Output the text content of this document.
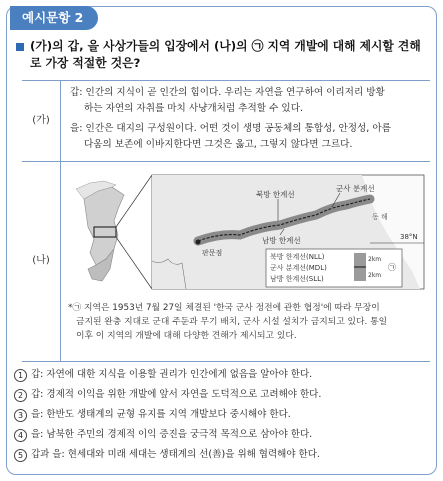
예시문항 2
(가)의 갑, 을 사상가들의 입장에서 (나)의 ㉠ 지역 개발에 대해 제시할 견해로 가장 적절한 것은?
(가)
갑: 인간의 지식이 곧 인간의 힘이다. 우리는 자연을 연구하여 이리저리 방황
하는 자연의 자취를 마치 사냥개처럼 추적할 수 있다.
을: 인간은 대지의 구성원이다. 어떤 것이 생명 공동체의 통합성, 안정성, 아름
다움의 보존에 이바지한다면 그것은 옳고, 그렇지 않다면 그르다.
(나)
북방 한계선
군사 분계선
남방 한계선
동 해
38°N
판문점	북방 한계선(NLL)
군사 분계선(MDL)
남방 한계선(SLL)
2km
2km
㉠
*㉠ 지역은 1953년 7월 27일 체결된 '한국 군사 정전에 관한 협정'에 따라 무장이
금지된 완충 지대로 군대 주둔과 무기 배치, 군사 시설 설치가 금지되고 있다. 통일
이후 이 지역의 개발에 대해 다양한 견해가 제시되고 있다.
1 갑: 자연에 대한 지식을 이용할 권리가 인간에게 없음을 알아야 한다.
2 갑: 경제적 이익을 위한 개발에 앞서 자연을 도덕적으로 고려해야 한다.
3 을: 한반도 생태계의 균형 유지를 지역 개발보다 중시해야 한다.
4 을: 남북한 주민의 경제적 이익 증진을 궁극적 목적으로 삼아야 한다.
5 갑과 을: 현세대와 미래 세대는 생태계의 선(善)을 위해 협력해야 한다.
